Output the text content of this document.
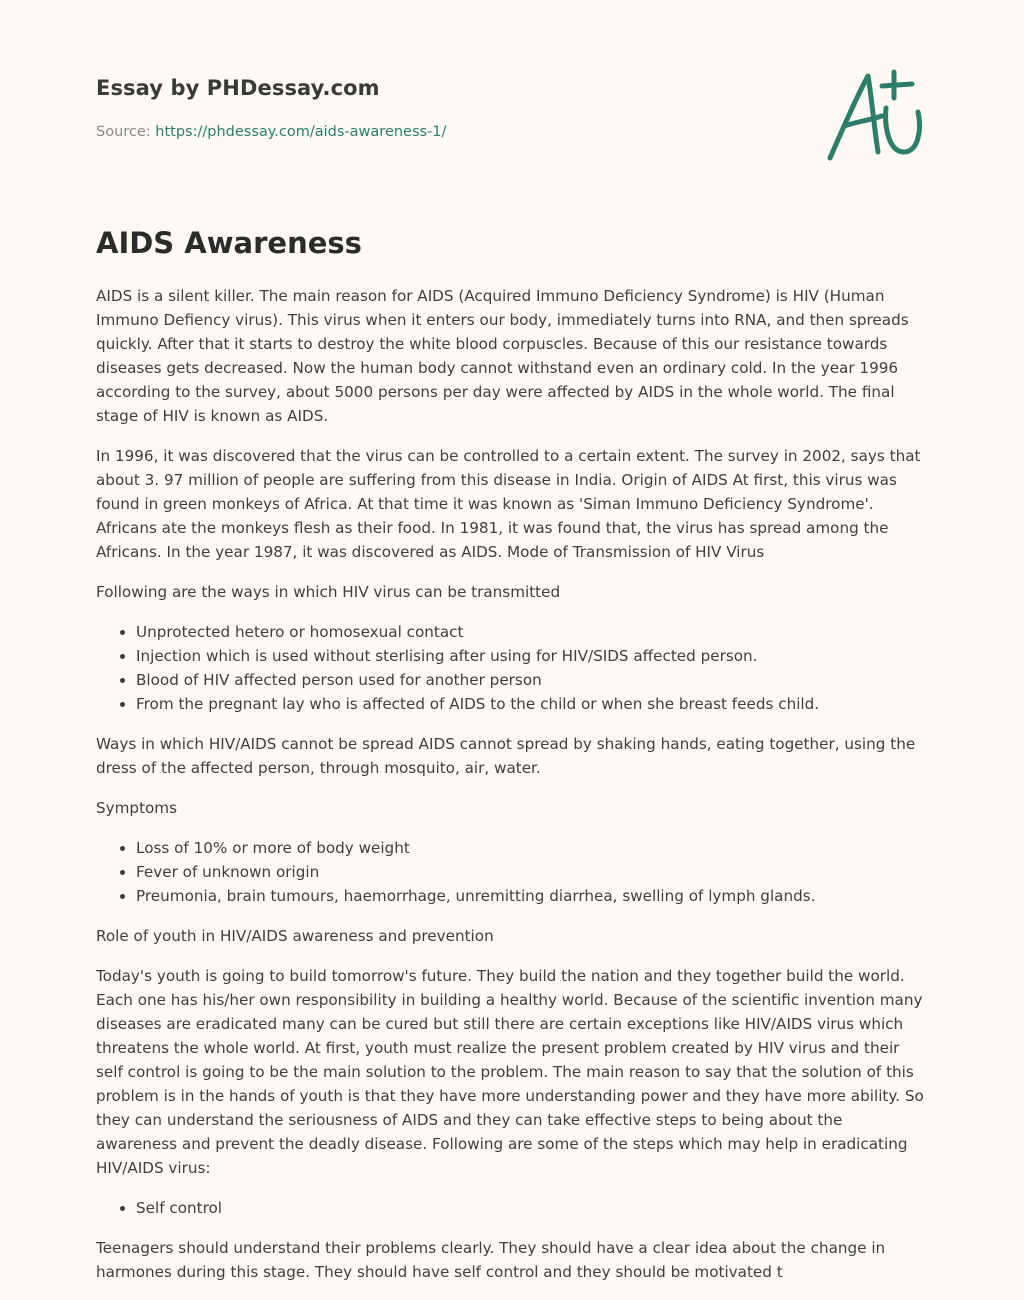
Essay by PHDessay.com
Source: https://phdessay.com/aids-awareness-1/
AIDS Awareness

AIDS is a silent killer. The main reason for AIDS (Acquired Immuno Deficiency Syndrome) is HIV (Human Immuno Defiency virus). This virus when it enters our body, immediately turns into RNA, and then spreads quickly. After that it starts to destroy the white blood corpuscles. Because of this our resistance towards diseases gets decreased. Now the human body cannot withstand even an ordinary cold. In the year 1996 according to the survey, about 5000 persons per day were affected by AIDS in the whole world. The final stage of HIV is known as AIDS.

In 1996, it was discovered that the virus can be controlled to a certain extent. The survey in 2002, says that about 3. 97 million of people are suffering from this disease in India. Origin of AIDS At first, this virus was found in green monkeys of Africa. At that time it was known as 'Siman Immuno Deficiency Syndrome'. Africans ate the monkeys flesh as their food. In 1981, it was found that, the virus has spread among the Africans. In the year 1987, it was discovered as AIDS. Mode of Transmission of HIV Virus

Following are the ways in which HIV virus can be transmitted

• Unprotected hetero or homosexual contact
• Injection which is used without sterlising after using for HIV/SIDS affected person.
• Blood of HIV affected person used for another person
• From the pregnant lay who is affected of AIDS to the child or when she breast feeds child.

Ways in which HIV/AIDS cannot be spread AIDS cannot spread by shaking hands, eating together, using the dress of the affected person, through mosquito, air, water.

Symptoms

• Loss of 10% or more of body weight
• Fever of unknown origin
• Preumonia, brain tumours, haemorrhage, unremitting diarrhea, swelling of lymph glands.

Role of youth in HIV/AIDS awareness and prevention

Today's youth is going to build tomorrow's future. They build the nation and they together build the world. Each one has his/her own responsibility in building a healthy world. Because of the scientific invention many diseases are eradicated many can be cured but still there are certain exceptions like HIV/AIDS virus which threatens the whole world. At first, youth must realize the present problem created by HIV virus and their self control is going to be the main solution to the problem. The main reason to say that the solution of this problem is in the hands of youth is that they have more understanding power and they have more ability. So they can understand the seriousness of AIDS and they can take effective steps to being about the awareness and prevent the deadly disease. Following are some of the steps which may help in eradicating HIV/AIDS virus:

• Self control

Teenagers should understand their problems clearly. They should have a clear idea about the change in harmones during this stage. They should have self control and they should be motivated t
